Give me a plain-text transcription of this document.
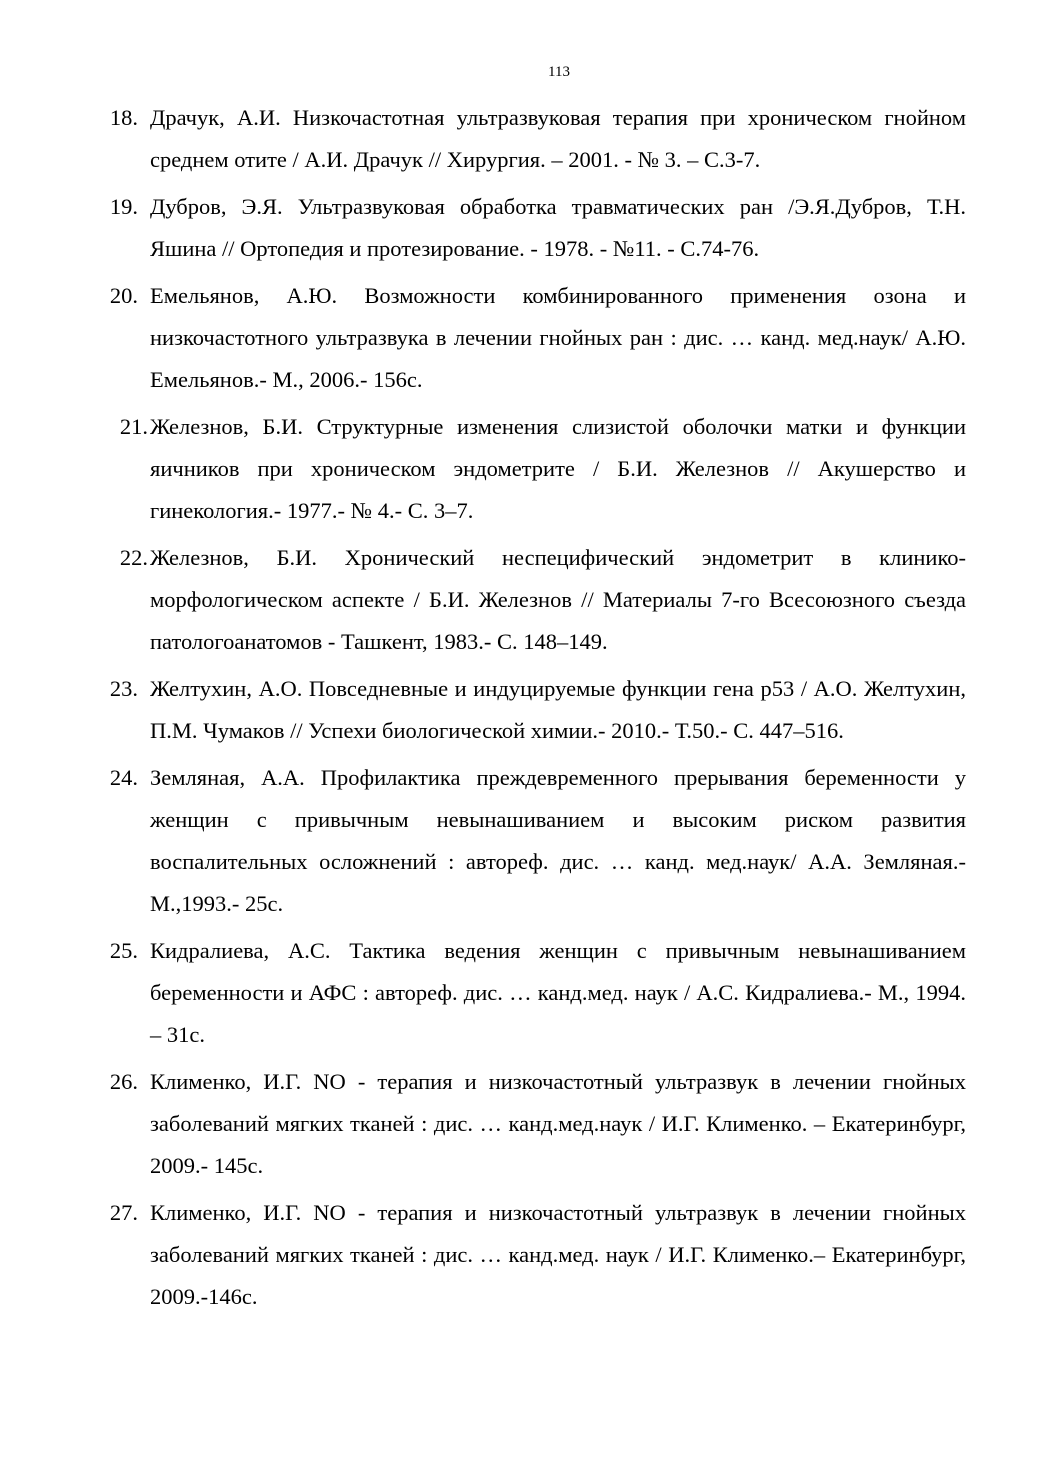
113
18. Драчук, А.И. Низкочастотная ультразвуковая терапия при хроническом гнойном среднем отите / А.И. Драчук // Хирургия. – 2001. - № 3. – С.3-7.
19. Дубров, Э.Я. Ультразвуковая обработка травматических ран /Э.Я.Дубров, Т.Н. Яшина // Ортопедия и протезирование. - 1978. - №11. - С.74-76.
20. Емельянов, А.Ю. Возможности комбинированного применения озона и низкочастотного ультразвука в лечении гнойных ран : дис. … канд. мед.наук/ А.Ю. Емельянов.- М., 2006.- 156с.
21. Железнов, Б.И. Структурные изменения слизистой оболочки матки и функции яичников при хроническом эндометрите / Б.И. Железнов // Акушерство и гинекология.- 1977.- № 4.- С. 3–7.
22. Железнов, Б.И. Хронический неспецифический эндометрит в клинико-морфологическом аспекте / Б.И. Железнов // Материалы 7-го Всесоюзного съезда патологоанатомов - Ташкент, 1983.- С. 148–149.
23. Желтухин, А.О. Повседневные и индуцируемые функции гена р53 / А.О. Желтухин, П.М. Чумаков // Успехи биологической химии.- 2010.- Т.50.- С. 447–516.
24. Земляная, А.А. Профилактика преждевременного прерывания беременности у женщин с привычным невынашиванием и высоким риском развития воспалительных осложнений : автореф. дис. … канд. мед.наук/ А.А. Земляная.- М.,1993.- 25с.
25. Кидралиева, А.С. Тактика ведения женщин с привычным невынашиванием беременности и АФС : автореф. дис. … канд.мед. наук / А.С. Кидралиева.- М., 1994. – 31с.
26. Клименко, И.Г. NO - терапия и низкочастотный ультразвук в лечении гнойных заболеваний мягких тканей : дис. … канд.мед.наук / И.Г. Клименко. – Екатеринбург, 2009.- 145с.
27. Клименко, И.Г. NO - терапия и низкочастотный ультразвук в лечении гнойных заболеваний мягких тканей : дис. … канд.мед. наук / И.Г. Клименко.– Екатеринбург, 2009.-146с.
